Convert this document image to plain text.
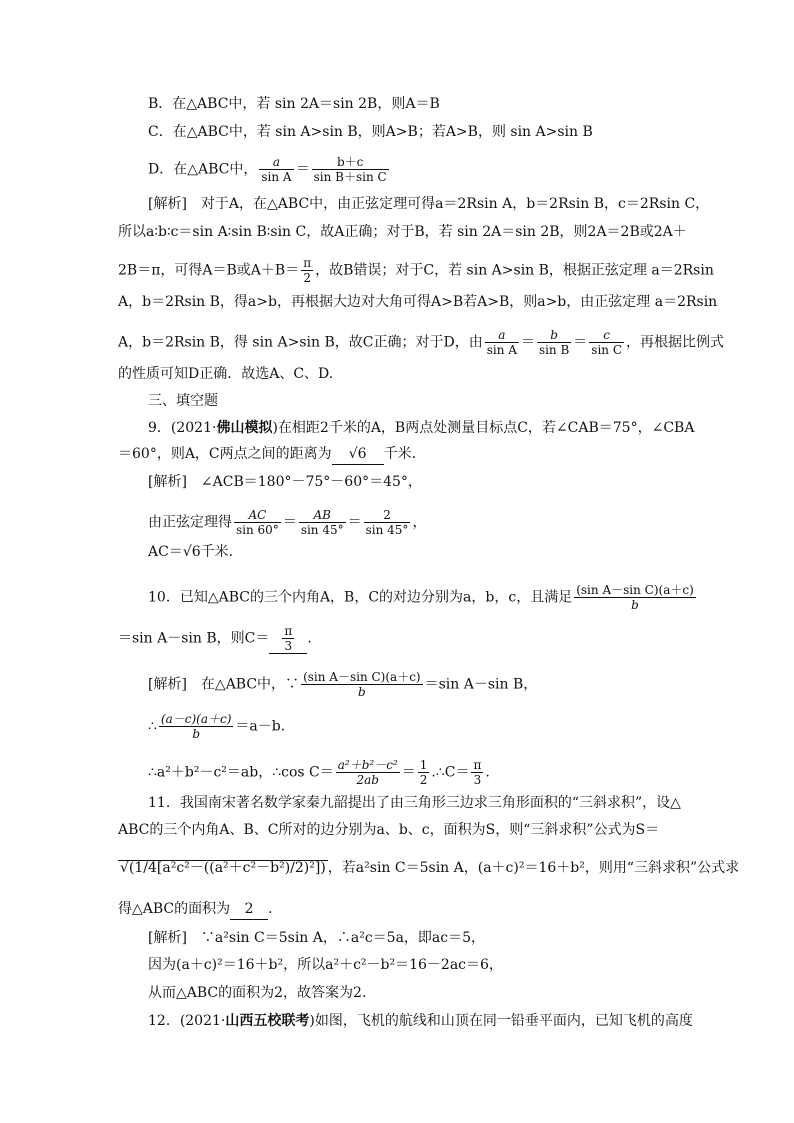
B．在△ABC中，若 sin 2A＝sin 2B，则A＝B
C．在△ABC中，若 sin A>sin B，则A>B；若A>B，则 sin A>sin B
D．在△ABC中， $\frac{a}{\text{sin A}} = \frac{b+c}{\text{sin B＋sin C}}$
[解析]　对于A，在△ABC中，由正弦定理可得a＝2Rsin A，b＝2Rsin B，c＝2Rsin C，
所以a∶b∶c＝sin A∶sin B∶sin C，故A正确；对于B，若 sin 2A＝sin 2B，则2A＝2B或2A＋
2B＝π，可得A＝B或$A+B= \frac{\pi}{2}$ ，故B错误；对于C，若 sin A>sin B，根据正弦定理 a＝2Rsin
A，b＝2Rsin B，得a>b，再根据大边对大角可得A>B若A>B，则a>b，由正弦定理 a＝2Rsin
A，b＝2Rsin B，得 sin A>sin B，故C正确；对于D，由 $\frac{a}{\text{sin A}} = \frac{b}{\text{sin B}} = \frac{c}{\text{sin C}}$ ，再根据比例式
的性质可知D正确．故选A、C、D.
三、填空题
9．(2021·佛山模拟)在相距2千米的A，B两点处测量目标点C，若∠CAB＝75°，∠CBA
＝60°，则A，C两点之间的距离为 √6 千米．
[解析]　∠ACB＝180°－75°－60°＝45°，
由正弦定理得 $\frac{AC}{\sin 60^\circ} = \frac{AB}{\sin 45^\circ} = \frac{2}{\sin 45^\circ}$ ，
AC＝√6千米．
10．已知△ABC的三个内角A，B，C的对边分别为a，b，c，且满足 $\frac{\text{(sin A－sin C)(a＋c)}}{b}$
＝sin A－sin B，则$C= \frac{\pi}{3}$ .
[解析]　在△ABC中，∵ $\frac{\text{(sin A－sin C)(a＋c)}}{b} =\sin$ A－sin B，
∴ $\frac{(a-c)(a+c)}{b} =a-b$.
∴a²＋b²－c²＝ab，∴cos $C= \frac{\text{a²＋b²－c²}}{2ab} = \frac{1}{2}$ .∴C＝ $\frac{\pi}{3}$ .
11．我国南宋著名数学家秦九韶提出了由三角形三边求三角形面积的“三斜求积”，设△
ABC的三个内角A、B、C所对的边分别为a、b、c，面积为S，则“三斜求积”公式为S＝
√(1/4[a²c²－((a²＋c²－b²)/2)²]) ，若a²sin C＝5sin A，(a＋c)²＝16＋b²，则用“三斜求积”公式求
得△ABC的面积为 2 .
[解析]　∵a²sin C＝5sin A，∴a²c＝5a，即ac＝5，
因为(a＋c)²＝16＋b²，所以a²＋c²－b²＝16－2ac＝6，
从而△ABC的面积为2，故答案为2.
12．(2021·山西五校联考)如图，飞机的航线和山顶在同一铅垂平面内，已知飞机的高度
